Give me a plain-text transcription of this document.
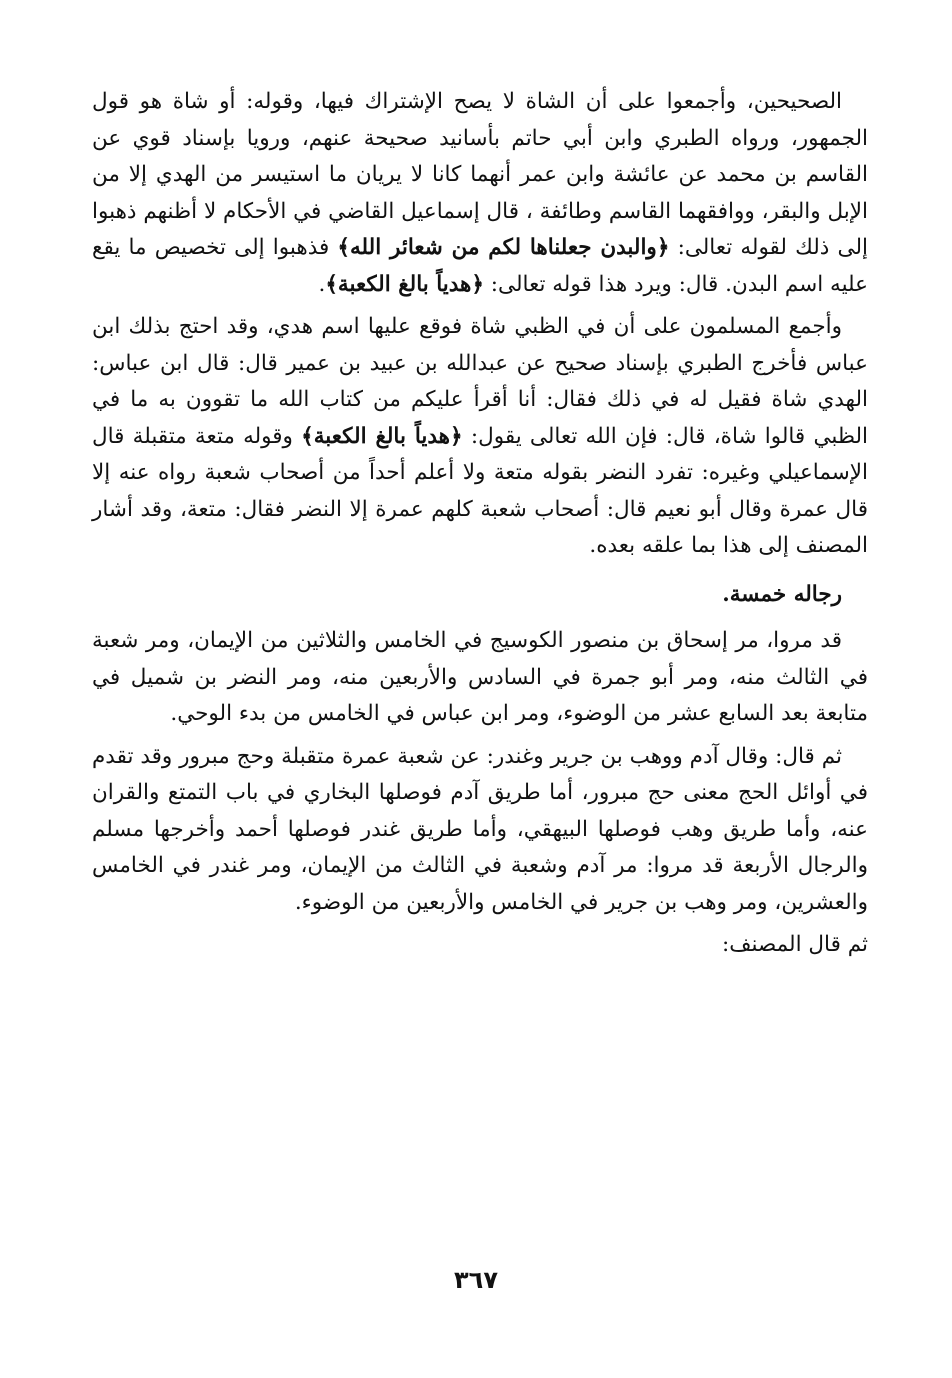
الصحيحين، وأجمعوا على أن الشاة لا يصح الإشتراك فيها، وقوله: أو شاة هو قول الجمهور، ورواه الطبري وابن أبي حاتم بأسانيد صحيحة عنهم، ورويا بإسناد قوي عن القاسم بن محمد عن عائشة وابن عمر أنهما كانا لا يريان ما استيسر من الهدي إلا من الإبل والبقر، ووافقهما القاسم وطائفة ، قال إسماعيل القاضي في الأحكام لا أظنهم ذهبوا إلى ذلك لقوله تعالى: ﴿والبدن جعلناها لكم من شعائر الله﴾ فذهبوا إلى تخصيص ما يقع عليه اسم البدن. قال: ويرد هذا قوله تعالى: ﴿هدياً بالغ الكعبة﴾.

وأجمع المسلمون على أن في الظبي شاة فوقع عليها اسم هدي، وقد احتج بذلك ابن عباس فأخرج الطبري بإسناد صحيح عن عبدالله بن عبيد بن عمير قال: قال ابن عباس: الهدي شاة فقيل له في ذلك فقال: أنا أقرأ عليكم من كتاب الله ما تقوون به ما في الظبي قالوا شاة، قال: فإن الله تعالى يقول: ﴿هدياً بالغ الكعبة﴾ وقوله متعة متقبلة قال الإسماعيلي وغيره: تفرد النضر بقوله متعة ولا أعلم أحداً من أصحاب شعبة رواه عنه إلا قال عمرة وقال أبو نعيم قال: أصحاب شعبة كلهم عمرة إلا النضر فقال: متعة، وقد أشار المصنف إلى هذا بما علقه بعده.

رجاله خمسة.

قد مروا، مر إسحاق بن منصور الكوسيج في الخامس والثلاثين من الإيمان، ومر شعبة في الثالث منه، ومر أبو جمرة في السادس والأربعين منه، ومر النضر بن شميل في متابعة بعد السابع عشر من الوضوء، ومر ابن عباس في الخامس من بدء الوحي.

ثم قال: وقال آدم ووهب بن جرير وغندر: عن شعبة عمرة متقبلة وحج مبرور وقد تقدم في أوائل الحج معنى حج مبرور، أما طريق آدم فوصلها البخاري في باب التمتع والقران عنه، وأما طريق وهب فوصلها البيهقي، وأما طريق غندر فوصلها أحمد وأخرجها مسلم والرجال الأربعة قد مروا: مر آدم وشعبة في الثالث من الإيمان، ومر غندر في الخامس والعشرين، ومر وهب بن جرير في الخامس والأربعين من الوضوء.

ثم قال المصنف:

٣٦٧
